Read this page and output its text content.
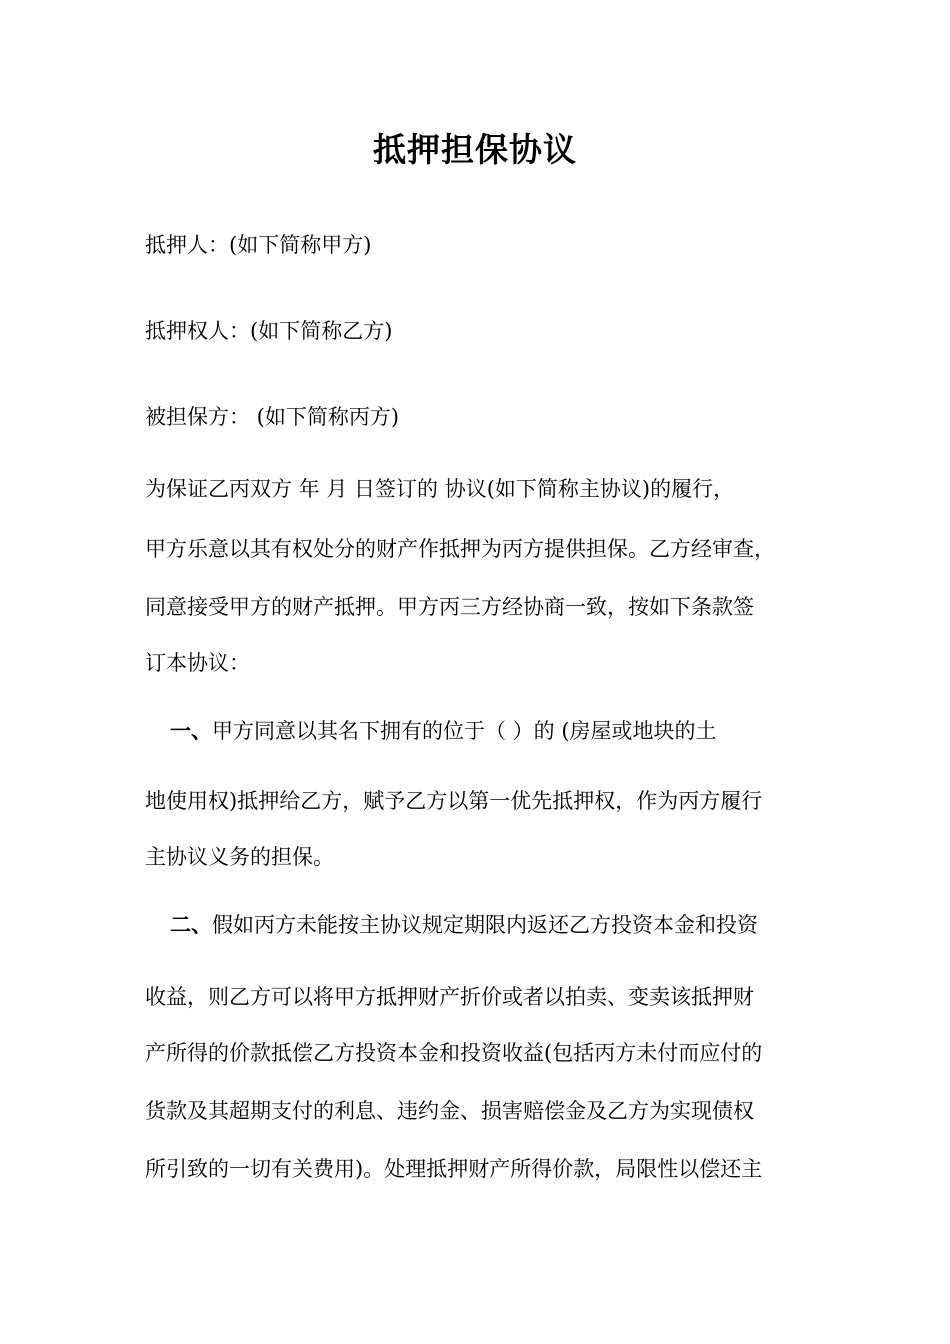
抵押担保协议
抵押人：(如下简称甲方)
抵押权人：(如下简称乙方)
被担保方： (如下简称丙方)
为保证乙丙双方 年 月 日签订的 协议(如下简称主协议)的履行，
甲方乐意以其有权处分的财产作抵押为丙方提供担保。乙方经审查，
同意接受甲方的财产抵押。甲方丙三方经协商一致，按如下条款签
订本协议：
一、甲方同意以其名下拥有的位于（ ）的 (房屋或地块的土
地使用权)抵押给乙方，赋予乙方以第一优先抵押权，作为丙方履行
主协议义务的担保。
二、假如丙方未能按主协议规定期限内返还乙方投资本金和投资
收益，则乙方可以将甲方抵押财产折价或者以拍卖、变卖该抵押财
产所得的价款抵偿乙方投资本金和投资收益(包括丙方未付而应付的
货款及其超期支付的利息、违约金、损害赔偿金及乙方为实现债权
所引致的一切有关费用)。处理抵押财产所得价款，局限性以偿还主
